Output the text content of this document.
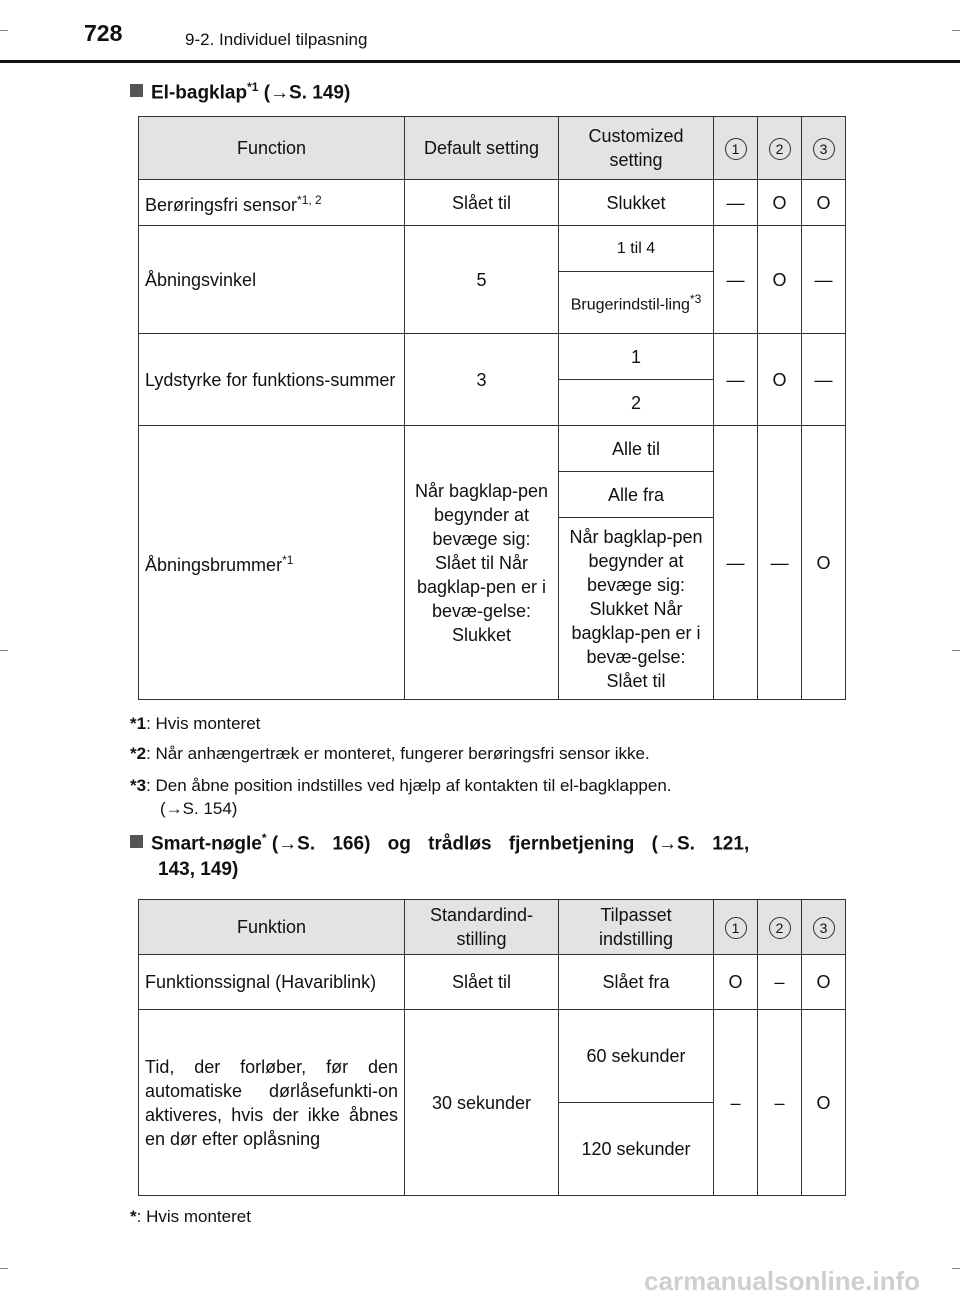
728	9-2. Individuel tilpasning
El-bagklap$^{*1}$ (→S. 149)
Function	Default setting	Customized setting	1	2	3
Berøringsfri sensor$^{*1, 2}$	Slået til	Slukket	—	O	O
Åbningsvinkel	5	1 til 4	—	O	—
		Brugerindstil-ling$^{*3}$
Lydstyrke for funktions-summer	3	1	—	O	—
		2			
Åbningsbrummer$^{*1}$	Når bagklap-pen begynder at bevæge sig: Slået til Når bagklap-pen er i bevæ-gelse: Slukket	Alle til	—	—	O
		Alle fra			
		Når bagklap-pen begynder at bevæge sig: Slukket Når bagklap-pen er i bevæ-gelse: Slået til			
*1: Hvis monteret
*2: Når anhængertræk er monteret, fungerer berøringsfri sensor ikke.
*3: Den åbne position indstilles ved hjælp af kontakten til el-bagklappen.
(→S. 154)
Smart-nøgle* (→S. 166) og trådløs fjernbetjening (→S. 121,
143, 149)
Funktion	Standardind-stilling	Tilpasset indstilling	1	2	3
Funktionssignal (Havariblink)	Slået til	Slået fra	O	–	O
Tid, der forløber, før den automatiske dørlåsefunkti-on aktiveres, hvis der ikke åbnes en dør efter oplåsning	30 sekunder	60 sekunder	–	–	O
		120 sekunder			
*: Hvis monteret
carmanualsonline.info
